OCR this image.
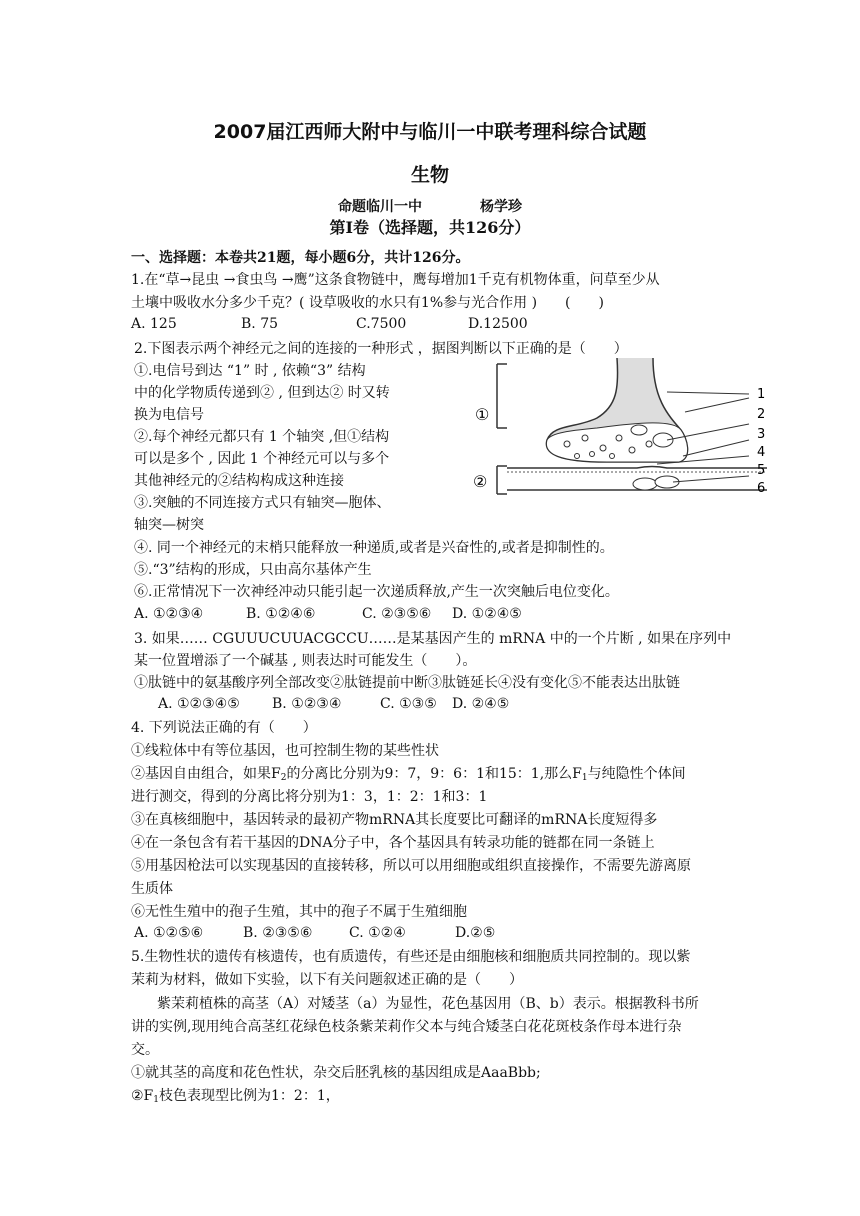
2007届江西师大附中与临川一中联考理科综合试题
生物
命题临川一中	杨学珍
第Ⅰ卷（选择题，共126分）
一、选择题：本卷共21题，每小题6分，共计126分。
1.在“草→昆虫 →食虫鸟 →鹰”这条食物链中，鹰每增加1千克有机物体重，问草至少从
土壤中吸收水分多少千克？( 设草吸收的水只有1%参与光合作用 )　　(　　)
A. 125	B. 75	C.7500	D.12500
2.下图表示两个神经元之间的连接的一种形式 ，据图判断以下正确的是（　　）
①.电信号到达 “1” 时 , 依赖“3” 结构
中的化学物质传递到② , 但到达② 时又转
换为电信号
②.每个神经元都只有 1 个轴突 ,但①结构
可以是多个 , 因此 1 个神经元可以与多个
其他神经元的②结构构成这种连接
③.突触的不同连接方式只有轴突—胞体、
轴突—树突
①
②
1
2
3
4
5
6
④. 同一个神经元的末梢只能释放一种递质,或者是兴奋性的,或者是抑制性的。
⑤.“3”结构的形成，只由高尔基体产生
⑥.正常情况下一次神经冲动只能引起一次递质释放,产生一次突触后电位变化。
A. ①②③④	B. ①②④⑥	C. ②③⑤⑥ D. ①②④⑤
3. 如果…… CGUUUCUUACGCCU……是某基因产生的 mRNA 中的一个片断 , 如果在序列中
某一位置增添了一个碱基 , 则表达时可能发生（　　）。
①肽链中的氨基酸序列全部改变②肽链提前中断③肽链延长④没有变化⑤不能表达出肽链
A. ①②③④⑤ B. ①②③④	C. ①③⑤ D. ②④⑤
4. 下列说法正确的有（　　）
①线粒体中有等位基因，也可控制生物的某些性状
②基因自由组合，如果$F_2$的分离比分别为9：7，9：6：1和15：1,那么$F_1$与纯隐性个体间
进行测交，得到的分离比将分别为1：3，1：2：1和3：1
③在真核细胞中，基因转录的最初产物mRNA其长度要比可翻译的mRNA长度短得多
④在一条包含有若干基因的DNA分子中，各个基因具有转录功能的链都在同一条链上
⑤用基因枪法可以实现基因的直接转移，所以可以用细胞或组织直接操作，不需要先游离原
生质体
⑥无性生殖中的孢子生殖，其中的孢子不属于生殖细胞
A. ①②⑤⑥	B. ②③⑤⑥	C. ①②④	D.②⑤
5.生物性状的遗传有核遗传，也有质遗传，有些还是由细胞核和细胞质共同控制的。现以紫
茉莉为材料，做如下实验，以下有关问题叙述正确的是（　　）
紫茉莉植株的高茎（A）对矮茎（a）为显性，花色基因用（B、b）表示。根据教科书所
讲的实例,现用纯合高茎红花绿色枝条紫茉莉作父本与纯合矮茎白花花斑枝条作母本进行杂
交。
①就其茎的高度和花色性状，杂交后胚乳核的基因组成是AaaBbb;
$②F_1$枝色表现型比例为1：2：1，
